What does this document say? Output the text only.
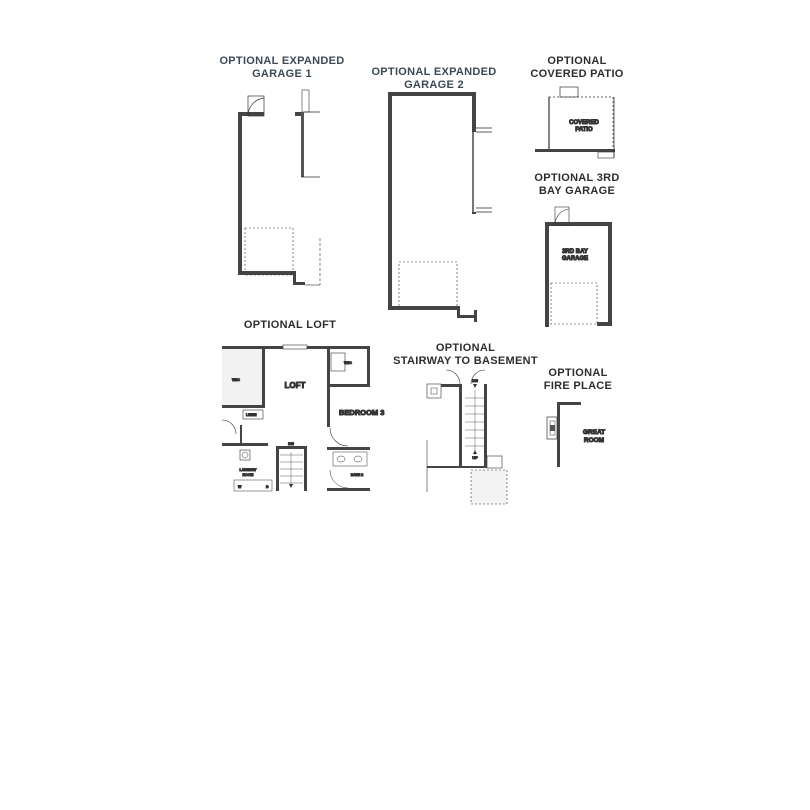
OPTIONAL EXPANDED
GARAGE 1	OPTIONAL EXPANDED
GARAGE 2
OPTIONAL
COVERED PATIO
OPTIONAL 3RD
BAY GARAGE
OPTIONAL LOFT
OPTIONAL
STAIRWAY TO BASEMENT
OPTIONAL
FIRE PLACE
COVERED
PATIO
3RD BAY
GARAGE
WIC
LINEN
LAUNDRY
ROOM
W	D
DN
LOFT
WIC
BEDROOM 3
BATH 2
DN
UP
GREAT
ROOM
